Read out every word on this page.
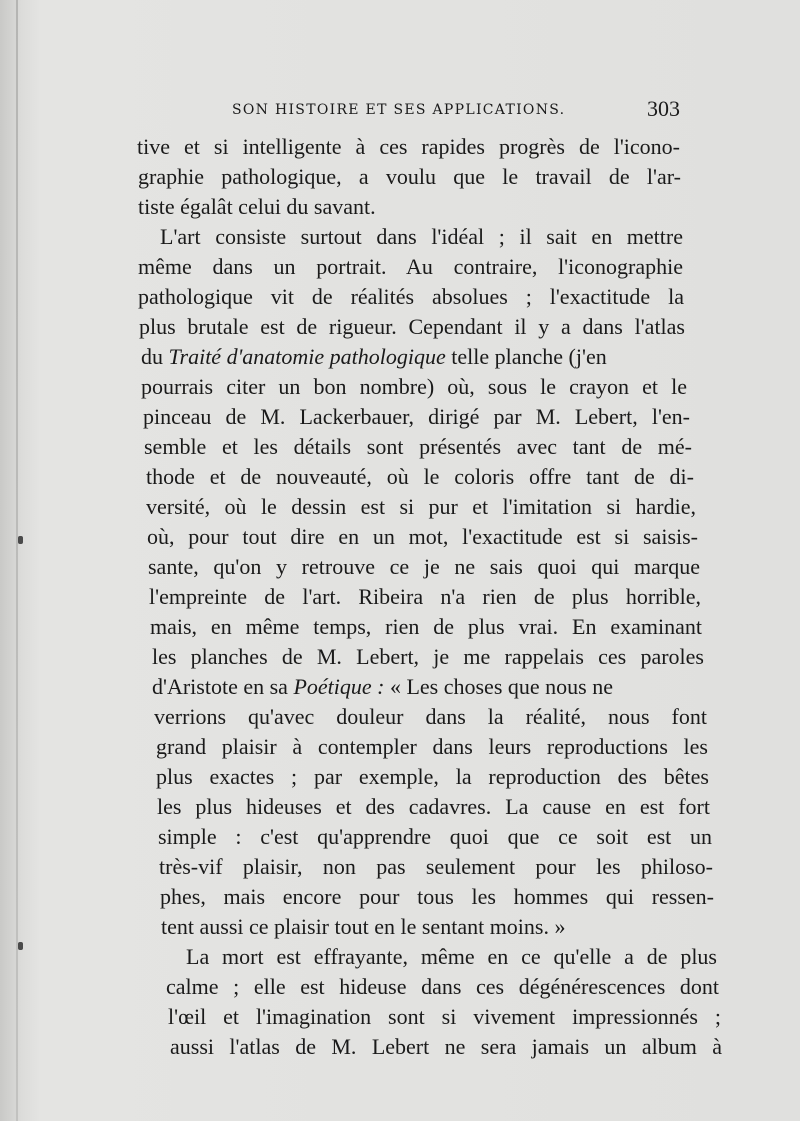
SON HISTOIRE ET SES APPLICATIONS.	303
tive et si intelligente à ces rapides progrès de l'icono-
graphie pathologique, a voulu que le travail de l'ar-
tiste égalât celui du savant.
L'art consiste surtout dans l'idéal ; il sait en mettre
même dans un portrait. Au contraire, l'iconographie
pathologique vit de réalités absolues ; l'exactitude la
plus brutale est de rigueur. Cependant il y a dans l'atlas
du Traité d'anatomie pathologique telle planche (j'en
pourrais citer un bon nombre) où, sous le crayon et le
pinceau de M. Lackerbauer, dirigé par M. Lebert, l'en-
semble et les détails sont présentés avec tant de mé-
thode et de nouveauté, où le coloris offre tant de di-
versité, où le dessin est si pur et l'imitation si hardie,
où, pour tout dire en un mot, l'exactitude est si saisis-
sante, qu'on y retrouve ce je ne sais quoi qui marque
l'empreinte de l'art. Ribeira n'a rien de plus horrible,
mais, en même temps, rien de plus vrai. En examinant
les planches de M. Lebert, je me rappelais ces paroles
d'Aristote en sa Poétique : « Les choses que nous ne
verrions qu'avec douleur dans la réalité, nous font
grand plaisir à contempler dans leurs reproductions les
plus exactes ; par exemple, la reproduction des bêtes
les plus hideuses et des cadavres. La cause en est fort
simple : c'est qu'apprendre quoi que ce soit est un
très-vif plaisir, non pas seulement pour les philoso-
phes, mais encore pour tous les hommes qui ressen-
tent aussi ce plaisir tout en le sentant moins. »
La mort est effrayante, même en ce qu'elle a de plus
calme ; elle est hideuse dans ces dégénérescences dont
l'œil et l'imagination sont si vivement impressionnés ;
aussi l'atlas de M. Lebert ne sera jamais un album à
